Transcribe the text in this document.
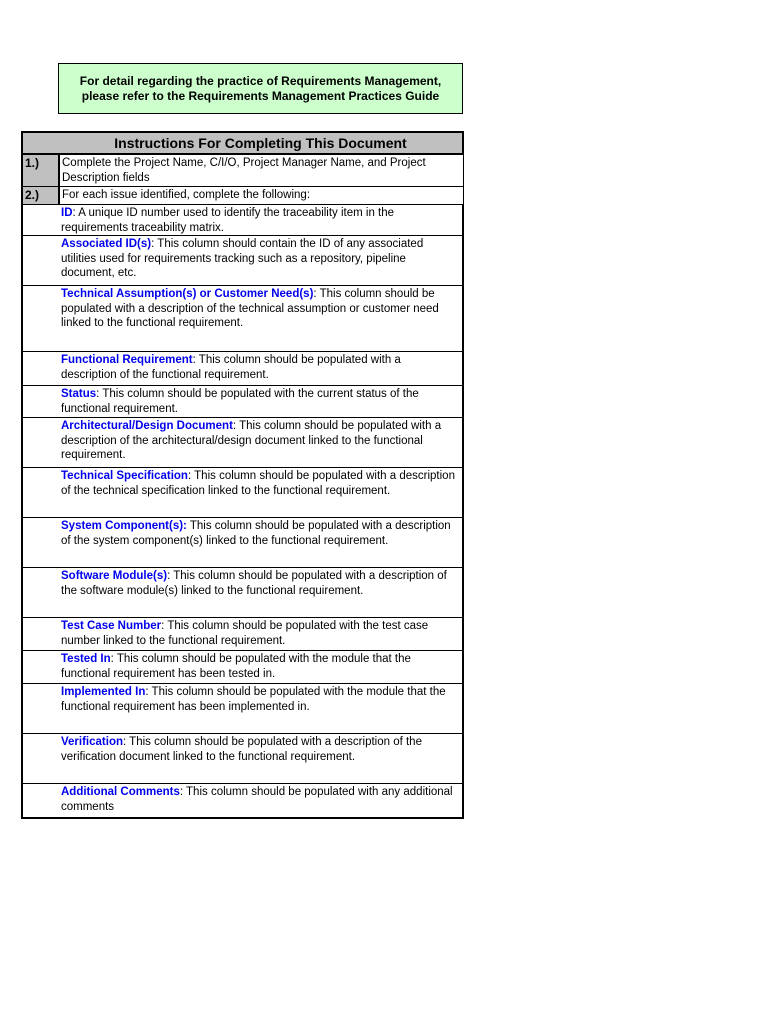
For detail regarding the practice of Requirements Management,
please refer to the Requirements Management Practices Guide
Instructions For Completing This Document	
1.)	Complete the Project Name, C/I/O, Project Manager Name, and Project Description fields
2.)	For each issue identified, complete the following:
ID: A unique ID number used to identify the traceability item in the requirements traceability matrix.	
Associated ID(s): This column should contain the ID of any associated utilities used for requirements tracking such as a repository, pipeline document, etc.	
Technical Assumption(s) or Customer Need(s): This column should be populated with a description of the technical assumption or customer need linked to the functional requirement.	
Functional Requirement: This column should be populated with a description of the functional requirement.	
Status: This column should be populated with the current status of the functional requirement.	
Architectural/Design Document: This column should be populated with a description of the architectural/design document linked to the functional requirement.	
Technical Specification: This column should be populated with a description of the technical specification linked to the functional requirement.	
System Component(s): This column should be populated with a description of the system component(s) linked to the functional requirement.	
Software Module(s): This column should be populated with a description of the software module(s) linked to the functional requirement.	
Test Case Number: This column should be populated with the test case number linked to the functional requirement.	
Tested In: This column should be populated with the module that the functional requirement has been tested in.	
Implemented In: This column should be populated with the module that the functional requirement has been implemented in.	
Verification: This column should be populated with a description of the verification document linked to the functional requirement.	
Additional Comments: This column should be populated with any additional comments	
